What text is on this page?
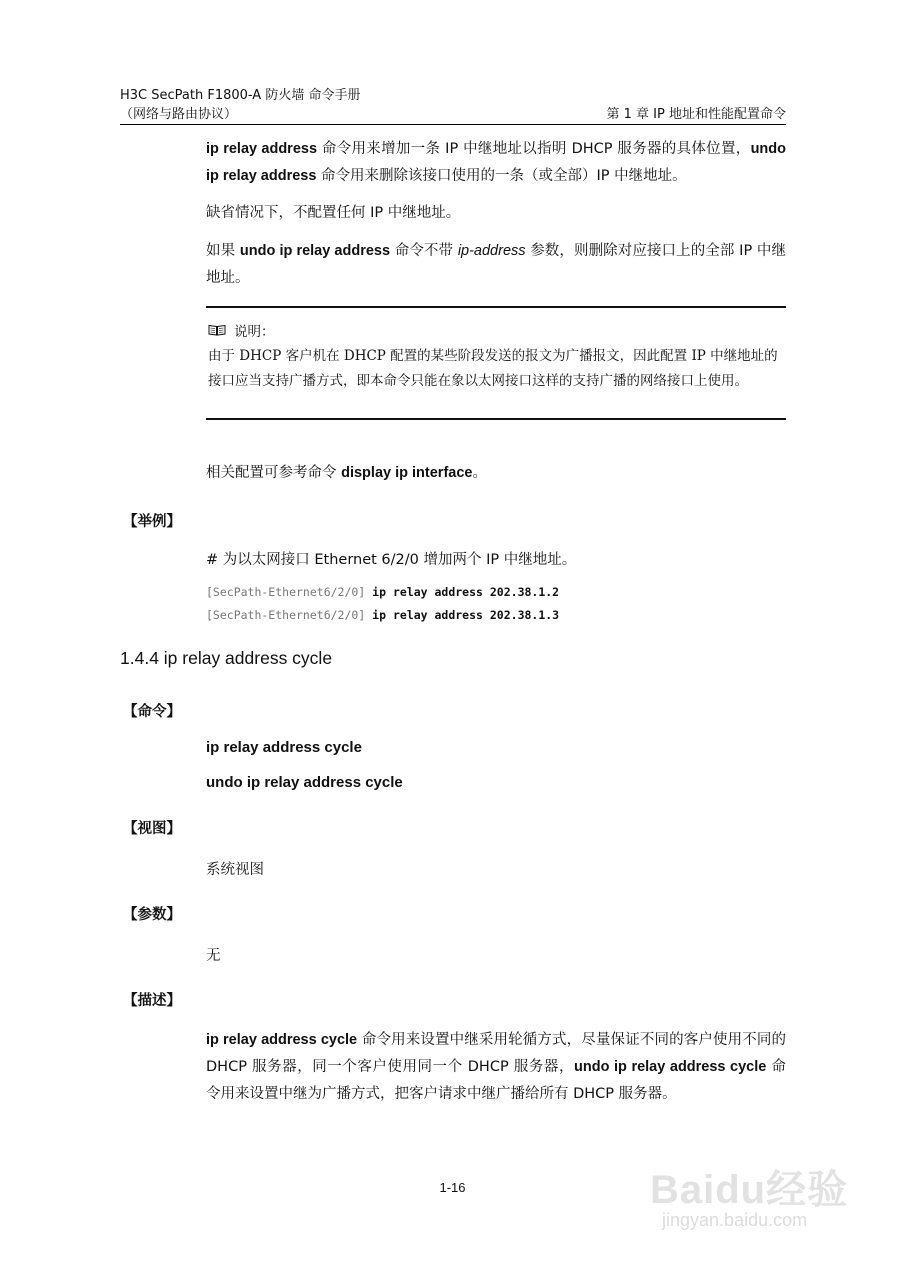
H3C SecPath F1800-A 防火墙 命令手册
（网络与路由协议）	第 1 章 IP 地址和性能配置命令
ip relay address 命令用来增加一条 IP 中继地址以指明 DHCP 服务器的具体位置，undo ip relay address 命令用来删除该接口使用的一条（或全部）IP 中继地址。
缺省情况下，不配置任何 IP 中继地址。
如果 undo ip relay address 命令不带 ip-address 参数，则删除对应接口上的全部 IP 中继地址。
说明：
由于 DHCP 客户机在 DHCP 配置的某些阶段发送的报文为广播报文，因此配置 IP 中继地址的接口应当支持广播方式，即本命令只能在象以太网接口这样的支持广播的网络接口上使用。
相关配置可参考命令 display ip interface。
【举例】
# 为以太网接口 Ethernet 6/2/0 增加两个 IP 中继地址。
[SecPath-Ethernet6/2/0] ip relay address 202.38.1.2
[SecPath-Ethernet6/2/0] ip relay address 202.38.1.3
1.4.4 ip relay address cycle
【命令】
ip relay address cycle
undo ip relay address cycle
【视图】
系统视图
【参数】
无
【描述】
ip relay address cycle 命令用来设置中继采用轮循方式，尽量保证不同的客户使用不同的 DHCP 服务器，同一个客户使用同一个 DHCP 服务器，undo ip relay address cycle 命令用来设置中继为广播方式，把客户请求中继广播给所有 DHCP 服务器。
1-16	Baidu经验
jingyan.baidu.com
